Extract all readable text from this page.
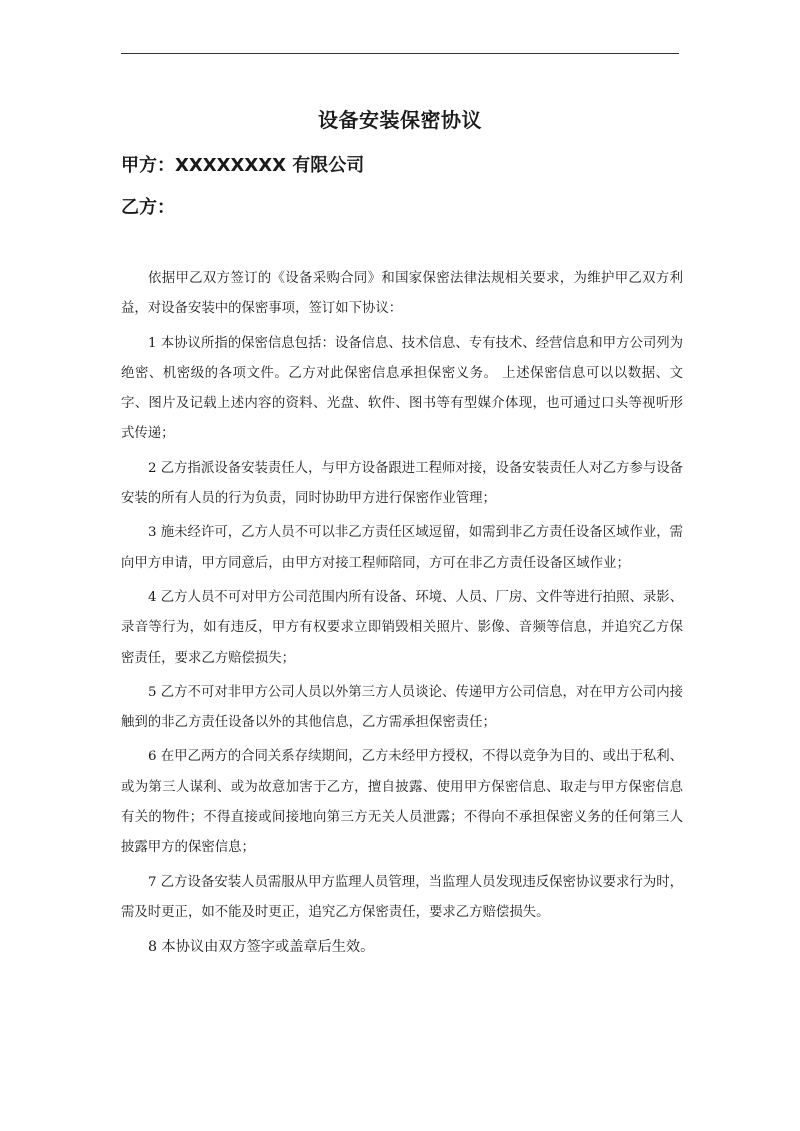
设备安装保密协议

甲方：XXXXXXXX 有限公司

乙方：

依据甲乙双方签订的《设备采购合同》和国家保密法律法规相关要求，为维护甲乙双方利益，对设备安装中的保密事项，签订如下协议：

1 本协议所指的保密信息包括：设备信息、技术信息、专有技术、经营信息和甲方公司列为绝密、机密级的各项文件。乙方对此保密信息承担保密义务。 上述保密信息可以以数据、文字、图片及记载上述内容的资料、光盘、软件、图书等有型媒介体现，也可通过口头等视听形式传递；

2 乙方指派设备安装责任人，与甲方设备跟进工程师对接，设备安装责任人对乙方参与设备安装的所有人员的行为负责，同时协助甲方进行保密作业管理；

3 施未经许可，乙方人员不可以非乙方责任区域逗留，如需到非乙方责任设备区域作业，需向甲方申请，甲方同意后，由甲方对接工程师陪同，方可在非乙方责任设备区域作业；

4 乙方人员不可对甲方公司范围内所有设备、环境、人员、厂房、文件等进行拍照、录影、录音等行为，如有违反，甲方有权要求立即销毁相关照片、影像、音频等信息，并追究乙方保密责任，要求乙方赔偿损失；

5 乙方不可对非甲方公司人员以外第三方人员谈论、传递甲方公司信息，对在甲方公司内接触到的非乙方责任设备以外的其他信息，乙方需承担保密责任；

6 在甲乙两方的合同关系存续期间，乙方未经甲方授权，不得以竞争为目的、或出于私利、或为第三人谋利、或为故意加害于乙方，擅自披露、使用甲方保密信息、取走与甲方保密信息有关的物件；不得直接或间接地向第三方无关人员泄露；不得向不承担保密义务的任何第三人披露甲方的保密信息；

7 乙方设备安装人员需服从甲方监理人员管理，当监理人员发现违反保密协议要求行为时，需及时更正，如不能及时更正，追究乙方保密责任，要求乙方赔偿损失。

8 本协议由双方签字或盖章后生效。
